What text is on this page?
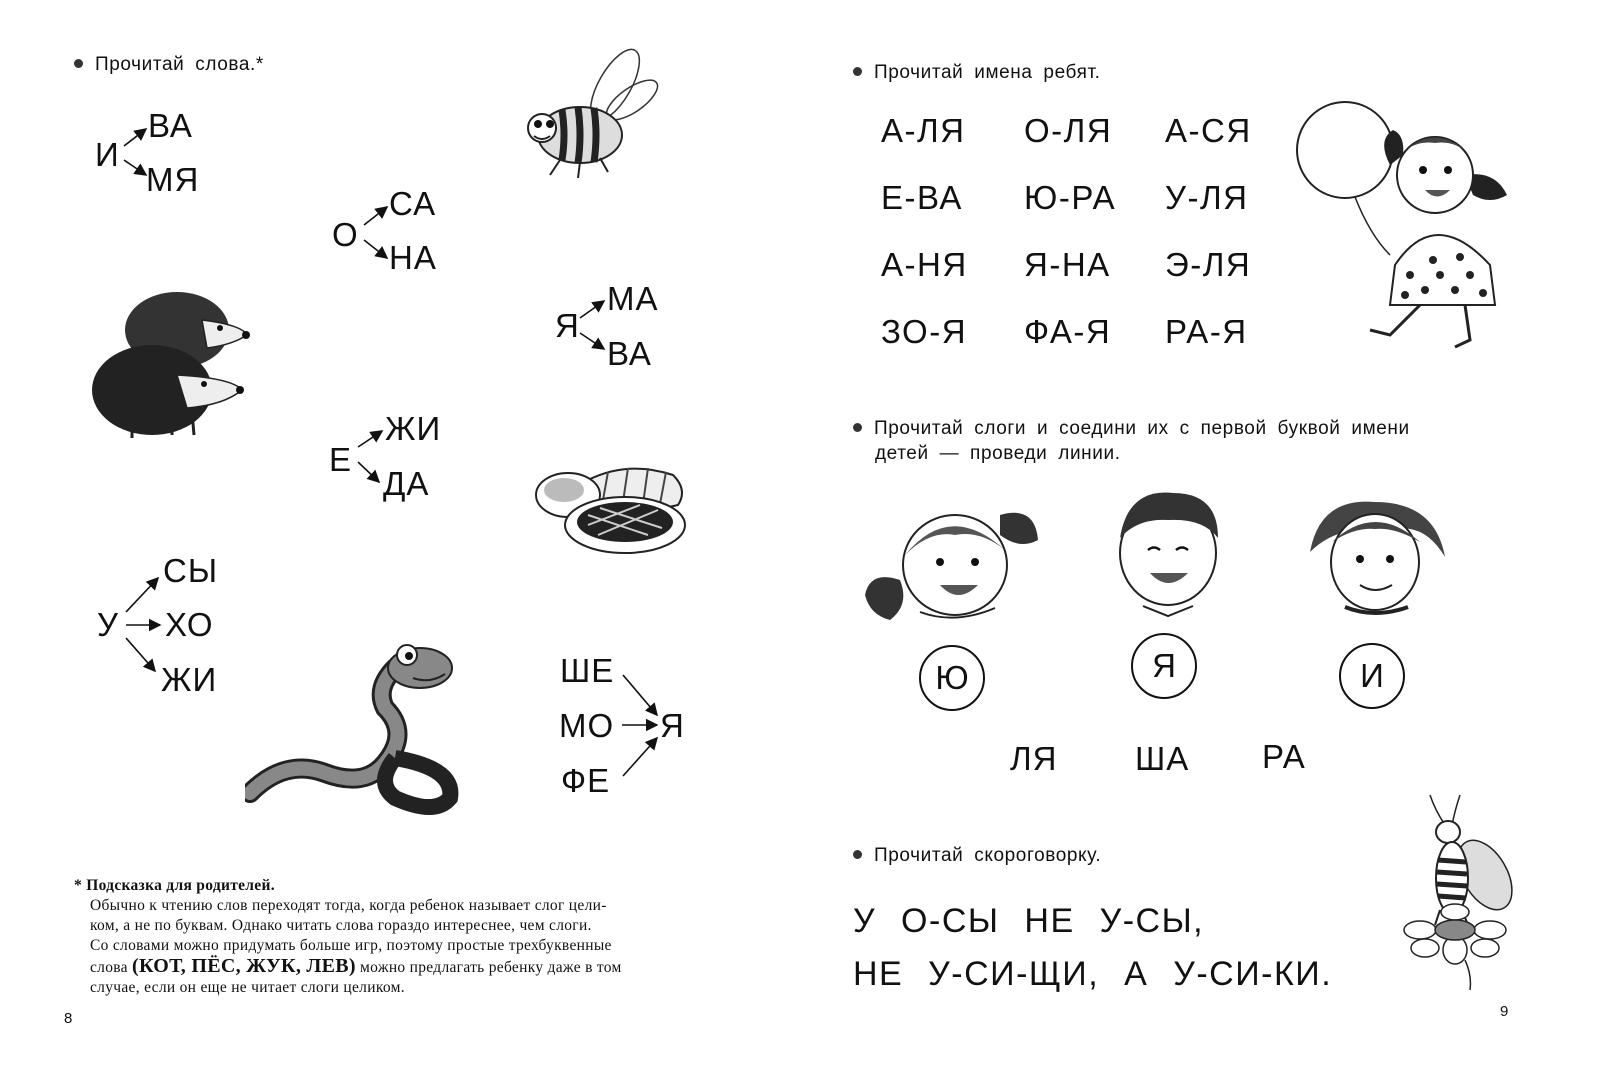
Прочитай слова.*
И
ВА
МЯ
О
СА
НА
Я
МА
ВА
Е
ЖИ
ДА
У
СЫ
ХО
ЖИ	ШЕ
МО
ФЕ
Я
* Подсказка для родителей.
Обычно к чтению слов переходят тогда, когда ребенок называет слог цели-
ком, а не по буквам. Однако читать слова гораздо интереснее, чем слоги.
Со словами можно придумать больше игр, поэтому простые трехбуквенные
слова (КОТ, ПЁС, ЖУК, ЛЕВ) можно предлагать ребенку даже в том
случае, если он еще не читает слоги целиком.
8
Прочитай имена ребят.
А-ЛЯ О-ЛЯ А-СЯ
Е-ВА Ю-РА У-ЛЯ
А-НЯ Я-НА Э-ЛЯ
ЗО-Я ФА-Я РА-Я
Прочитай слоги и соедини их с первой буквой имени
детей — проведи линии.
Ю	Я	И
ЛЯ ША РА
Прочитай скороговорку.
У О-СЫ НЕ У-СЫ,
НЕ У-СИ-ЩИ, А У-СИ-КИ.
9
